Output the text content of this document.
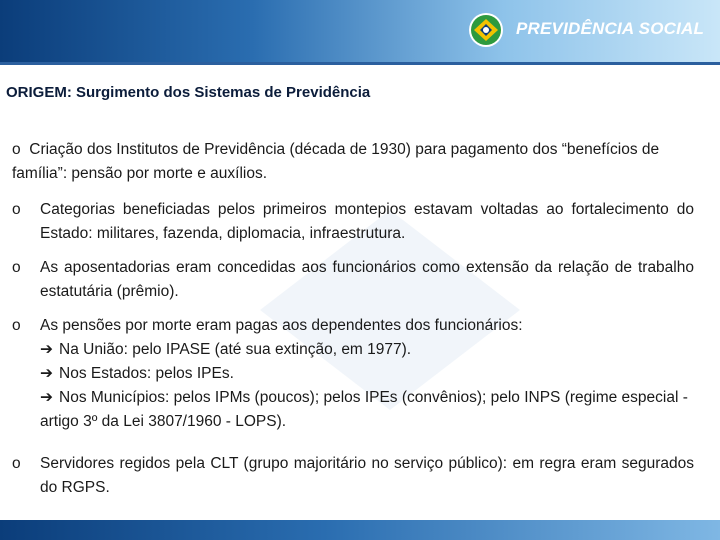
PREVIDÊNCIA SOCIAL
ORIGEM: Surgimento dos Sistemas de Previdência

o Criação dos Institutos de Previdência (década de 1930) para pagamento dos “benefícios de família”: pensão por morte e auxílios.

o Categorias beneficiadas pelos primeiros montepios estavam voltadas ao fortalecimento do Estado: militares, fazenda, diplomacia, infraestrutura.
o As aposentadorias eram concedidas aos funcionários como extensão da relação de trabalho estatutária (prêmio).
o As pensões por morte eram pagas aos dependentes dos funcionários:
➔ Na União: pelo IPASE (até sua extinção, em 1977).
➔ Nos Estados: pelos IPEs.
➔ Nos Municípios: pelos IPMs (poucos); pelos IPEs (convênios); pelo INPS (regime especial - artigo 3º da Lei 3807/1960 - LOPS).
o Servidores regidos pela CLT (grupo majoritário no serviço público): em regra eram segurados do RGPS.
